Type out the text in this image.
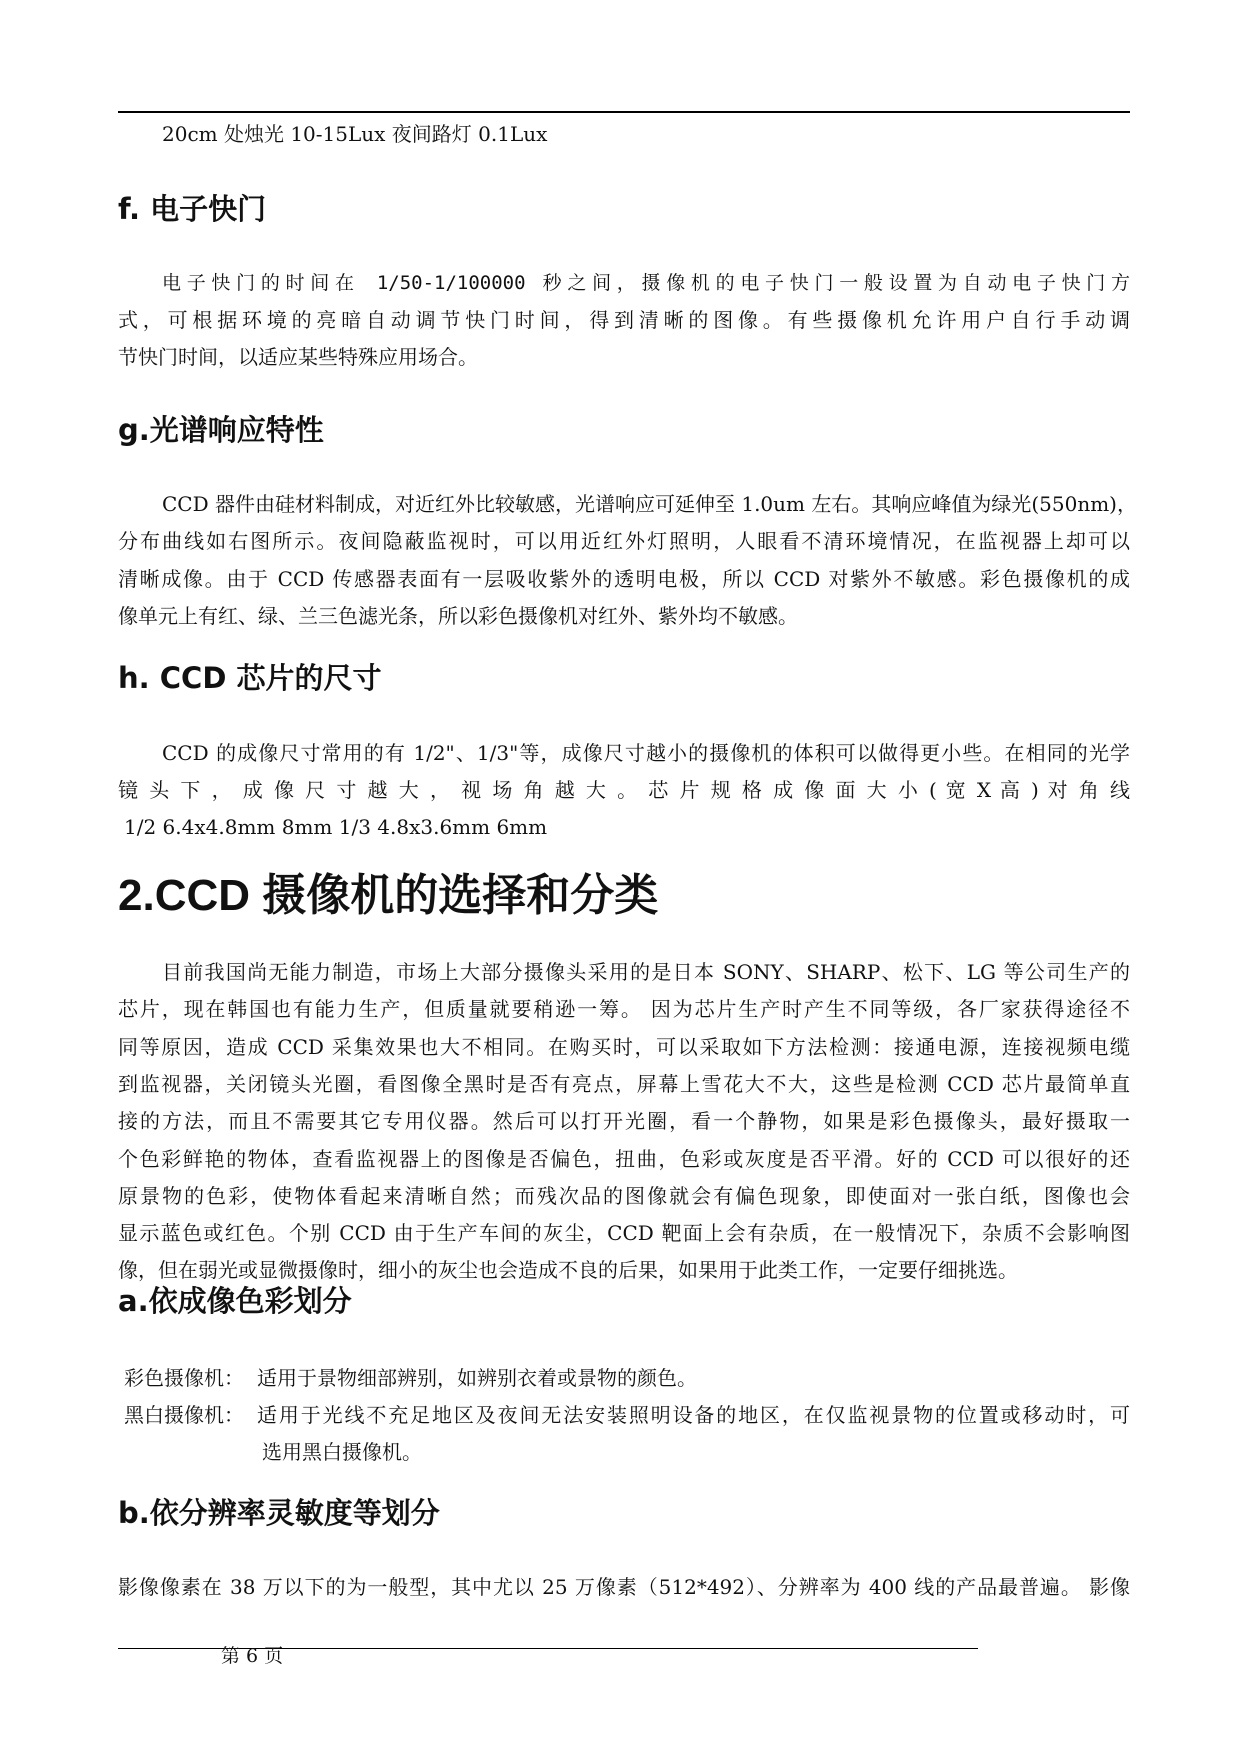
20cm 处烛光 10-15Lux 夜间路灯 0.1Lux
f. 电子快门
电子快门的时间在 1/50-1/100000 秒之间，摄像机的电子快门一般设置为自动电子快门方
式，可根据环境的亮暗自动调节快门时间，得到清晰的图像。有些摄像机允许用户自行手动调
节快门时间，以适应某些特殊应用场合。
g.光谱响应特性
CCD 器件由硅材料制成，对近红外比较敏感，光谱响应可延伸至 1.0um 左右。其响应峰值为绿光(550nm)，
分布曲线如右图所示。夜间隐蔽监视时，可以用近红外灯照明，人眼看不清环境情况，在监视器上却可以
清晰成像。由于 CCD 传感器表面有一层吸收紫外的透明电极，所以 CCD 对紫外不敏感。彩色摄像机的成
像单元上有红、绿、兰三色滤光条，所以彩色摄像机对红外、紫外均不敏感。
h. CCD 芯片的尺寸
CCD 的成像尺寸常用的有 1/2"、1/3"等，成像尺寸越小的摄像机的体积可以做得更小些。在相同的光学
镜 头 下 ， 成 像 尺 寸 越 大 ， 视 场 角 越 大 。 芯 片 规 格 成 像 面 大 小 ( 宽 X 高 ) 对 角 线
1/2 6.4x4.8mm 8mm 1/3 4.8x3.6mm 6mm
2.CCD 摄像机的选择和分类
目前我国尚无能力制造，市场上大部分摄像头采用的是日本 SONY、SHARP、松下、LG 等公司生产的
芯片，现在韩国也有能力生产，但质量就要稍逊一筹。 因为芯片生产时产生不同等级，各厂家获得途径不
同等原因，造成 CCD 采集效果也大不相同。在购买时，可以采取如下方法检测：接通电源，连接视频电缆
到监视器，关闭镜头光圈，看图像全黑时是否有亮点，屏幕上雪花大不大，这些是检测 CCD 芯片最简单直
接的方法，而且不需要其它专用仪器。然后可以打开光圈，看一个静物，如果是彩色摄像头，最好摄取一
个色彩鲜艳的物体，查看监视器上的图像是否偏色，扭曲，色彩或灰度是否平滑。好的 CCD 可以很好的还
原景物的色彩，使物体看起来清晰自然；而残次品的图像就会有偏色现象，即使面对一张白纸，图像也会
显示蓝色或红色。个别 CCD 由于生产车间的灰尘，CCD 靶面上会有杂质，在一般情况下，杂质不会影响图
像，但在弱光或显微摄像时，细小的灰尘也会造成不良的后果，如果用于此类工作，一定要仔细挑选。
a.依成像色彩划分
彩色摄像机： 适用于景物细部辨别，如辨别衣着或景物的颜色。
黑白摄像机： 适用于光线不充足地区及夜间无法安装照明设备的地区，在仅监视景物的位置或移动时，可
选用黑白摄像机。
b.依分辨率灵敏度等划分
影像像素在 38 万以下的为一般型，其中尤以 25 万像素（512*492）、分辨率为 400 线的产品最普遍。 影像
第 6 页
